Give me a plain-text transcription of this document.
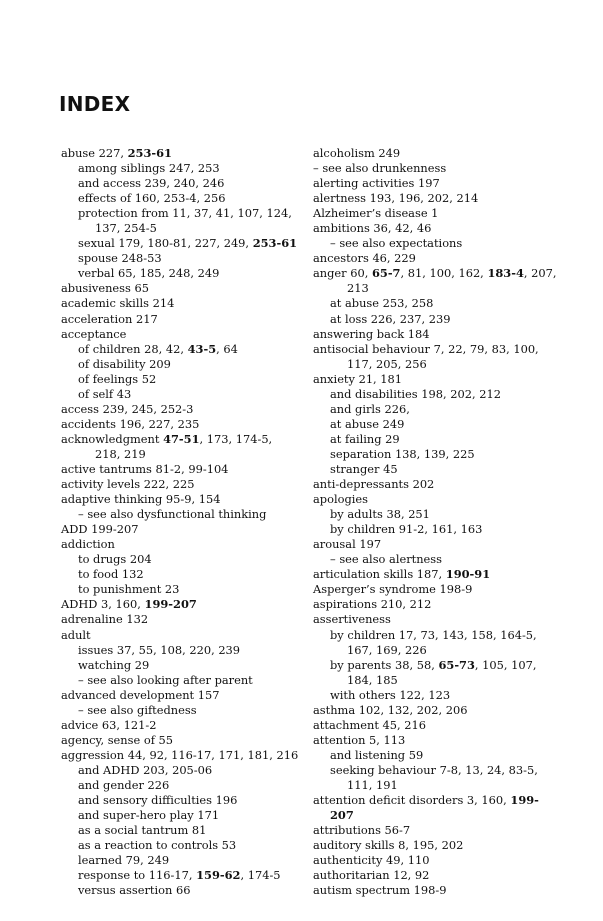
INDEX
abuse 227, 253-61
among siblings 247, 253
and access 239, 240, 246
effects of 160, 253-4, 256
protection from 11, 37, 41, 107, 124,
137, 254-5
sexual 179, 180-81, 227, 249, 253-61
spouse 248-53
verbal 65, 185, 248, 249
abusiveness 65
academic skills 214
acceleration 217
acceptance
of children 28, 42, 43-5, 64
of disability 209
of feelings 52
of self 43
access 239, 245, 252-3
accidents 196, 227, 235
acknowledgment 47-51, 173, 174-5,
218, 219
active tantrums 81-2, 99-104
activity levels 222, 225
adaptive thinking 95-9, 154
– see also dysfunctional thinking
ADD 199-207
addiction
to drugs 204
to food 132
to punishment 23
ADHD 3, 160, 199-207
adrenaline 132
adult
issues 37, 55, 108, 220, 239
watching 29
– see also looking after parent
advanced development 157
– see also giftedness
advice 63, 121-2
agency, sense of 55
aggression 44, 92, 116-17, 171, 181, 216
and ADHD 203, 205-06
and gender 226
and sensory difficulties 196
and super-hero play 171
as a social tantrum 81
as a reaction to controls 53
learned 79, 249
response to 116-17, 159-62, 174-5
versus assertion 66
alcoholism 249
– see also drunkenness
alerting activities 197
alertness 193, 196, 202, 214
Alzheimer’s disease 1
ambitions 36, 42, 46
– see also expectations
ancestors 46, 229
anger 60, 65-7, 81, 100, 162, 183-4, 207,
213
at abuse 253, 258
at loss 226, 237, 239
answering back 184
antisocial behaviour 7, 22, 79, 83, 100,
117, 205, 256
anxiety 21, 181
and disabilities 198, 202, 212
and girls 226,
at abuse 249
at failing 29
separation 138, 139, 225
stranger 45
anti-depressants 202
apologies
by adults 38, 251
by children 91-2, 161, 163
arousal 197
– see also alertness
articulation skills 187, 190-91
Asperger’s syndrome 198-9
aspirations 210, 212
assertiveness
by children 17, 73, 143, 158, 164-5,
167, 169, 226
by parents 38, 58, 65-73, 105, 107,
184, 185
with others 122, 123
asthma 102, 132, 202, 206
attachment 45, 216
attention 5, 113
and listening 59
seeking behaviour 7-8, 13, 24, 83-5,
111, 191
attention deficit disorders 3, 160, 199-
207
attributions 56-7
auditory skills 8, 195, 202
authenticity 49, 110
authoritarian 12, 92
autism spectrum 198-9
